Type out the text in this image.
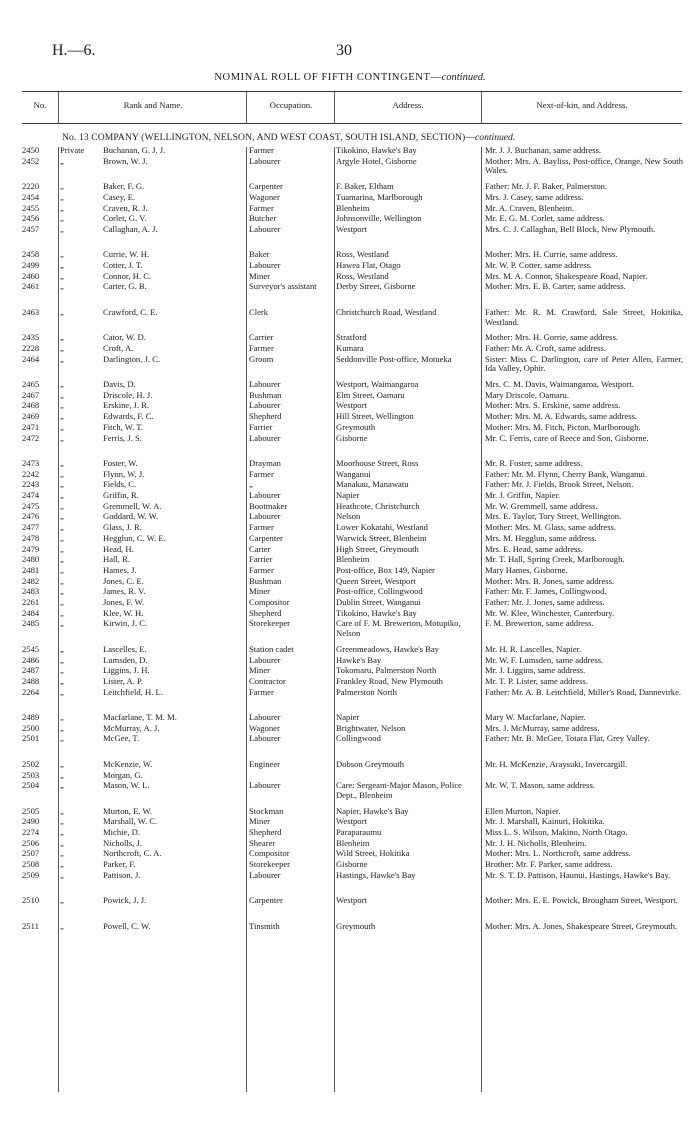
H.—6.	30
NOMINAL ROLL OF FIFTH CONTINGENT—continued.
No.	Rank and Name.	Occupation.	Address.	Next-of-kin, and Address.
No. 13 COMPANY (WELLINGTON, NELSON, AND WEST COAST, SOUTH ISLAND, SECTION)—continued.
2450	Private	Buchanan, G. J. J.	Farmer	Tikokino, Hawke's Bay	Mr. J. J. Buchanan, same address.
2452	„	Brown, W. J.	Labourer	Argyle Hotel, Gisborne	Mother: Mrs. A. Bayliss, Post-office, Orange, New South Wales.
2220	„	Baker, F. G.	Carpenter	F. Baker, Eltham	Father: Mr. J. F. Baker, Palmerston.
2454	„	Casey, E.	Wagoner	Tuamarina, Marlborough	Mrs. J. Casey, same address.
2455	„	Craven, R. J.	Farmer	Blenheim	Mr. A. Craven, Blenheim.
2456	„	Corlet, G. V.	Butcher	Johnsonville, Wellington	Mr. E. G. M. Corlet, same address.
2457	„	Callaghan, A. J.	Labourer	Westport	Mrs. C. J. Callaghan, Bell Block, New Plymouth.
2458	„	Currie, W. H.	Baker	Ross, Westland	Mother: Mrs. H. Currie, same address.
2499	„	Cotter, J. T.	Labourer	Hawea Flat, Otago	Mr. W. P. Cotter, same address.
2460	„	Connor, H. C.	Miner	Ross, Westland	Mrs. M. A. Connor, Shakespeare Road, Napier.
2461	„	Carter, G. B.	Surveyor's assistant	Derby Street, Gisborne	Mother: Mrs. E. B. Carter, same address.
2463	„	Crawford, C. E.	Clerk	Christchurch Road, Westland	Father: Mr. R. M. Crawford, Sale Street, Hokitika, Westland.
2435	„	Cator, W. D.	Carrier	Stratford	Mother: Mrs. H. Gorrie, same address.
2228	„	Croft, A.	Farmer	Kumara	Father: Mr. A. Croft, same address.
2464	„	Darlington, J. C.	Groom	Seddonville Post-office, Motueka	Sister: Miss C. Darlington, care of Peter Allen, Farmer, Ida Valley, Ophir.
2465	„	Davis, D.	Labourer	Westport, Waimangaroa	Mrs. C. M. Davis, Waimangaroa, Westport.
2467	„	Driscole, H. J.	Bushman	Elm Street, Oamaru	Mary Driscole, Oamaru.
2468	„	Erskine, J. R.	Labourer	Westport	Mother: Mrs. S. Erskine, same address.
2469	„	Edwards, F. C.	Shepherd	Hill Street, Wellington	Mother: Mrs. M. A. Edwards, same address.
2471	„	Fitch, W. T.	Farrier	Greymouth	Mother: Mrs. M. Fitch, Picton, Marlborough.
2472	„	Ferris, J. S.	Labourer	Gisborne	Mr. C. Ferris, care of Reece and Son, Gisborne.
2473	„	Foster, W.	Drayman	Moorhouse Street, Ross	Mr. R. Foster, same address.
2242	„	Flynn, W. J.	Farmer	Wanganui	Father: Mr. M. Flynn, Cherry Bank, Wanganui.
2243	„	Fields, C.	„	Manakau, Manawatu	Father: Mr. J. Fields, Brook Street, Nelson.
2474	„	Griffin, R.	Labourer	Napier	Mr. J. Griffin, Napier.
2475	„	Gremmell, W. A.	Bootmaker	Heathcote, Christchurch	Mr. W. Gremmell, same address.
2476	„	Goddard, W. W.	Labourer	Nelson	Mrs. E. Taylor, Tory Street, Wellington.
2477	„	Glass, J. R.	Farmer	Lower Kokatahi, Westland	Mother: Mrs. M. Glass, same address.
2478	„	Hegglun, C. W. E.	Carpenter	Warwick Street, Blenheim	Mrs. M. Hegglun, same address.
2479	„	Head, H.	Carter	High Street, Greymouth	Mrs. E. Head, same address.
2480	„	Hall, R.	Farrier	Blenheim	Mr. T. Hall, Spring Creek, Marlborough.
2481	„	Hames, J.	Farmer	Post-office, Box 149, Napier	Mary Hames, Gisborne.
2482	„	Jones, C. E.	Bushman	Queen Street, Westport	Mother: Mrs. B. Jones, same address.
2483	„	James, R. V.	Miner	Post-office, Collingwood	Father: Mr. F. James, Collingwood.
2261	„	Jones, F. W.	Compositor	Dublin Street, Wanganui	Father: Mr. J. Jones, same address.
2484	„	Klee, W. H.	Shepherd	Tikokino, Hawke's Bay	Mr. W. Klee, Winchester, Canterbury.
2485	„	Kirwin, J. C.	Storekeeper	Care of F. M. Brewerton, Motupiko, Nelson
F. M. Brewerton, same address.
2545	„	Lascelles, E.	Station cadet	Greenmeadows, Hawke's Bay	Mr. H. R. Lascelles, Napier.
2486	„	Lumsden, D.	Labourer	Hawke's Bay	Mr. W. F. Lumsden, same address.
2487	„	Liggins, J. H.	Miner	Tokomaru, Palmerston North	Mr. J. Liggins, same address.
2488	„	Lister, A. P.	Contractor	Frankley Road, New Plymouth	Mr. T. P. Lister, same address.
2264	„	Leitchfield, H. L.	Farmer	Palmerston North	Father: Mr. A. B. Leitchfield, Miller's Road, Dannevirke.
2489	„	Macfarlane, T. M. M.	Labourer	Napier	Mary W. Macfarlane, Napier.
2500	„	McMurray, A. J.	Wagoner	Brightwater, Nelson	Mrs. J. McMurray, same address.
2501	„	McGee, T.	Labourer	Collingwood	Father: Mr. B. McGee, Totara Flat, Grey Valley.
2502	„	McKenzie, W.	Engineer	Dobson Greymouth	Mr. H. McKenzie, Araysuki, Invercargill.
2503	„	Morgan, G.
2504	„	Mason, W. L.	Labourer	Care: Sergeant-Major Mason, Police Dept., Blenheim
Mr. W. T. Mason, same address.
2505	„	Murton, E. W.	Stockman	Napier, Hawke's Bay	Ellen Murton, Napier.
2490	„	Marshall, W. C.	Miner	Westport	Mr. J. Marshall, Kainuri, Hokitika.
2274	„	Michie, D.	Shepherd	Paraparaumu	Miss L. S. Wilson, Makino, North Otago.
2506	„	Nicholls, J.	Shearer	Blenheim	Mr. J. H. Nicholls, Blenheim.
2507	„	Northcroft, C. A.	Compositor	Wild Street, Hokitika	Mother: Mrs. L. Northcroft, same address.
2508	„	Parker, F.	Storekeeper	Gisborne	Brother: Mr. F. Parker, same address.
2509	„	Pattison, J.	Labourer	Hastings, Hawke's Bay	Mr. S. T. D. Pattison, Haunui, Hastings, Hawke's Bay.
2510	„	Powick, J. J.	Carpenter	Westport	Mother: Mrs. E. E. Powick, Brougham Street, Westport.
2511	„	Powell, C. W.	Tinsmith	Greymouth	Mother: Mrs. A. Jones, Shakespeare Street, Greymouth.
